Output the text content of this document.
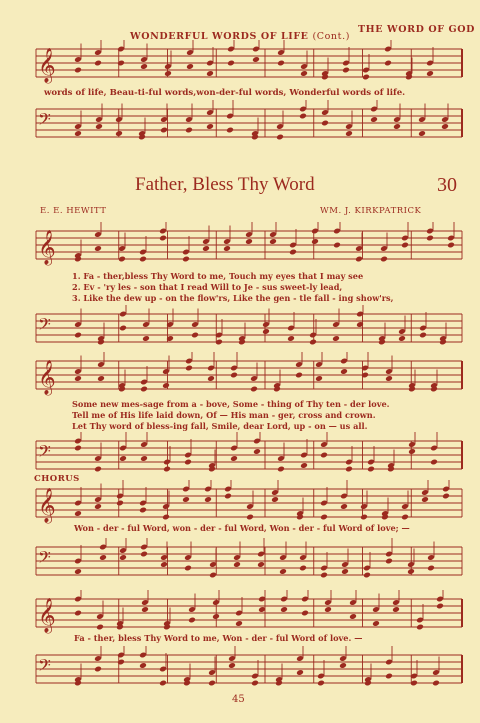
WONDERFUL WORDS OF LIFE (Cont.)
THE WORD OF GOD
𝄞
words of life, Beau-ti-ful words,won-der-ful words, Wonderful words of life.
𝄢
Father, Bless Thy Word	30
E. E. HEWITT	WM. J. KIRKPATRICK
𝄞
1. Fa - ther,bless Thy Word to me, Touch my eyes that I may see
2. Ev - 'ry les - son that I read Will to Je - sus sweet-ly lead,
3. Like the dew up - on the flow'rs, Like the gen - tle fall - ing show'rs,
𝄢
𝄞
Some new mes-sage from a - bove, Some - thing of Thy ten - der love.
Tell me of His life laid down, Of — His man - ger, cross and crown.
Let Thy word of bless-ing fall, Smile, dear Lord, up - on — us all.
𝄢
CHORUS
𝄞
Won - der - ful Word, won - der - ful Word, Won - der - ful Word of love; —
𝄢
𝄞
Fa - ther, bless Thy Word to me, Won - der - ful Word of love. —
𝄢
45
